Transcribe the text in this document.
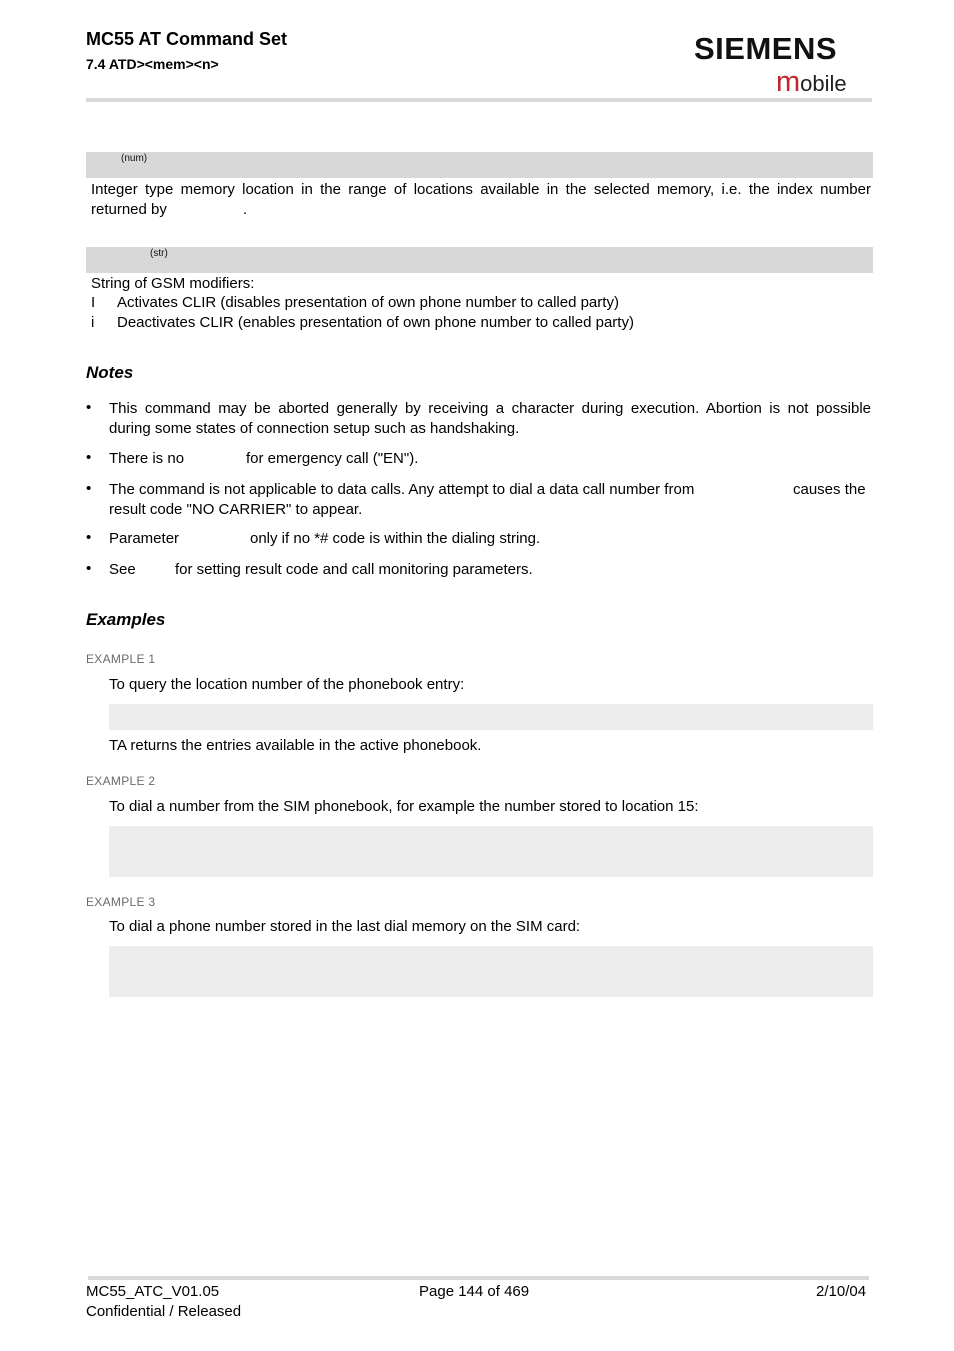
MC55 AT Command Set
7.4 ATD><mem><n>	SIEMENS
mobile
(num)
Integer type memory location in the range of locations available in the selected memory, i.e. the index number
returned by	.
(str)
String of GSM modifiers:
I Activates CLIR (disables presentation of own phone number to called party)
i Deactivates CLIR (enables presentation of own phone number to called party)
Notes
• This command may be aborted generally by receiving a character during execution. Abortion is not possible
during some states of connection setup such as handshaking.
• There is no	for emergency call ("EN").
• The command is not applicable to data calls. Any attempt to dial a data call number from	causes the
result code "NO CARRIER" to appear.
• Parameter	only if no *# code is within the dialing string.
• See	for setting result code and call monitoring parameters.
Examples
EXAMPLE 1
To query the location number of the phonebook entry:
TA returns the entries available in the active phonebook.
EXAMPLE 2
To dial a number from the SIM phonebook, for example the number stored to location 15:
EXAMPLE 3
To dial a phone number stored in the last dial memory on the SIM card:
MC55_ATC_V01.05
Confidential / Released
Page 144 of 469	2/10/04
